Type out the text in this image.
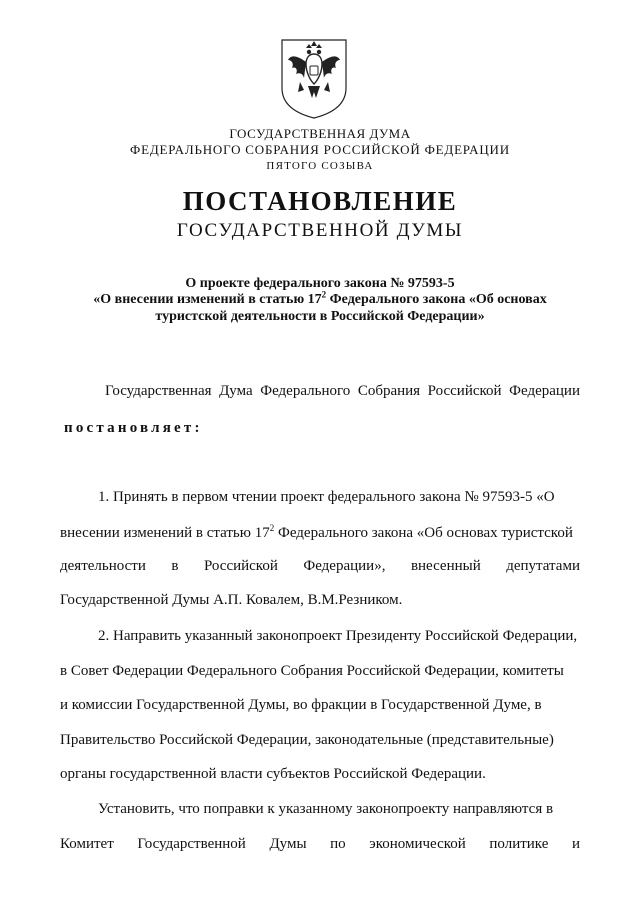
ГОСУДАРСТВЕННАЯ ДУМА
ФЕДЕРАЛЬНОГО СОБРАНИЯ РОССИЙСКОЙ ФЕДЕРАЦИИ
ПЯТОГО СОЗЫВА
ПОСТАНОВЛЕНИЕ
ГОСУДАРСТВЕННОЙ ДУМЫ
О проекте федерального закона № 97593-5
«О внесении изменений в статью $17^2$ Федерального закона «Об основах
туристской деятельности в Российской Федерации»
Государственная Дума Федерального Собрания Российской Федерации
постановляет:
1. Принять в первом чтении проект федерального закона № 97593-5 «О
внесении изменений в статью $17^2$ Федерального закона «Об основах туристской
деятельности в Российской Федерации», внесенный депутатами
Государственной Думы А.П. Ковалем, В.М.Резником.
2. Направить указанный законопроект Президенту Российской Федерации,
в Совет Федерации Федерального Собрания Российской Федерации, комитеты
и комиссии Государственной Думы, во фракции в Государственной Думе, в
Правительство Российской Федерации, законодательные (представительные)
органы государственной власти субъектов Российской Федерации.
Установить, что поправки к указанному законопроекту направляются в
Комитет Государственной Думы по экономической политике и
